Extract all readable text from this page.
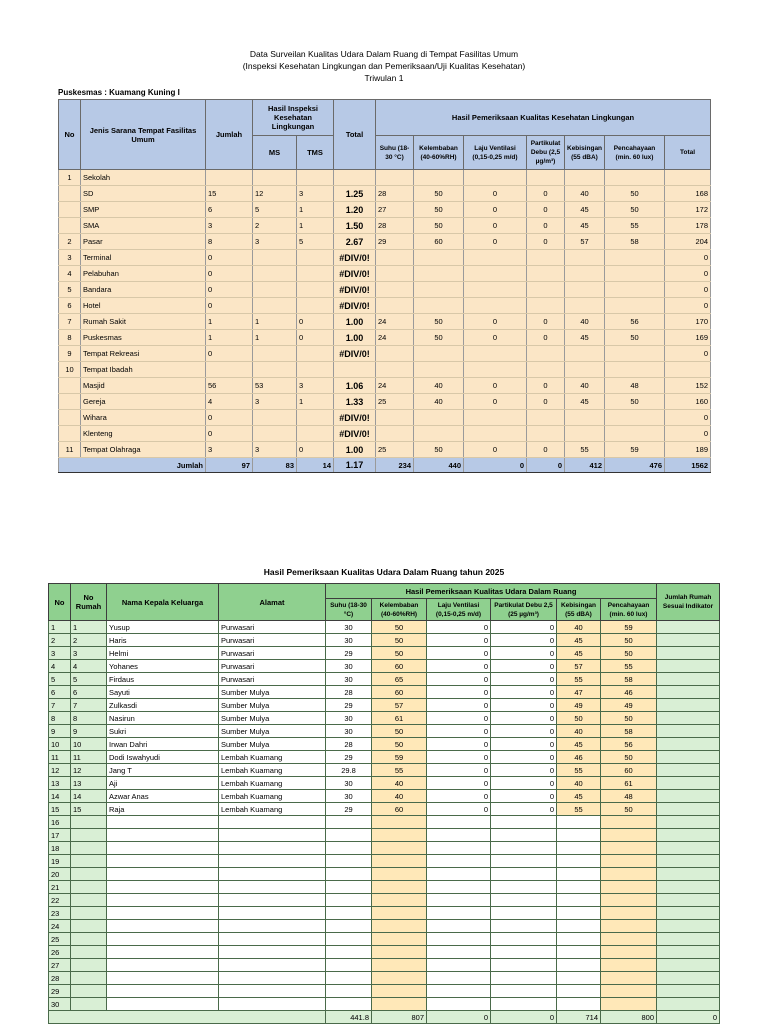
Data Surveilan Kualitas Udara Dalam Ruang di Tempat Fasilitas Umum
(Inspeksi Kesehatan Lingkungan dan Pemeriksaan/Uji Kualitas Kesehatan)
Triwulan 1
Puskesmas : Kuamang Kuning I
No	Jenis Sarana Tempat Fasilitas Umum	Jumlah	Hasil Inspeksi Kesehatan Lingkungan		Total	Hasil Pemeriksaan Kualitas Kesehatan Lingkungan						
			MS	TMS		Suhu (18-30 °C)	Kelembaban (40-60%RH)	Laju Ventilasi (0,15-0,25 m/d)	Partikulat Debu (2,5 µg/m³)	Kebisingan (55 dBA)	Pencahayaan (min. 60 lux)	Total
1	Sekolah											
	SD	15	12	3	1.25	28	50	0	0	40	50	168
	SMP	6	5	1	1.20	27	50	0	0	45	50	172
	SMA	3	2	1	1.50	28	50	0	0	45	55	178
2	Pasar	8	3	5	2.67	29	60	0	0	57	58	204
3	Terminal	0			#DIV/0!							0
4	Pelabuhan	0			#DIV/0!							0
5	Bandara	0			#DIV/0!							0
6	Hotel	0			#DIV/0!							0
7	Rumah Sakit	1	1	0	1.00	24	50	0	0	40	56	170
8	Puskesmas	1	1	0	1.00	24	50	0	0	45	50	169
9	Tempat Rekreasi	0			#DIV/0!							0
10	Tempat Ibadah											
	Masjid	56	53	3	1.06	24	40	0	0	40	48	152
	Gereja	4	3	1	1.33	25	40	0	0	45	50	160
	Wihara	0			#DIV/0!							0
	Klenteng	0			#DIV/0!							0
11	Tempat Olahraga	3	3	0	1.00	25	50	0	0	55	59	189
Jumlah		97	83	14	1.17	234	440	0	0	412	476	1562
Hasil Pemeriksaan Kualitas Udara Dalam Ruang tahun 2025
No	No Rumah	Nama Kepala Keluarga	Alamat	Hasil Pemeriksaan Kualitas Udara Dalam Ruang						Jumlah Rumah Sesuai Indikator
				Suhu (18-30 °C)	Kelembaban (40-60%RH)	Laju Ventilasi (0,15-0,25 m/d)	Partikulat Debu 2,5 (25 µg/m³)	Kebisingan (55 dBA)	Pencahayaan (min. 60 lux)	
1	1	Yusup	Purwasari	30	50	0	0	40	59	
2	2	Haris	Purwasari	30	50	0	0	45	50	
3	3	Helmi	Purwasari	29	50	0	0	45	50	
4	4	Yohanes	Purwasari	30	60	0	0	57	55	
5	5	Firdaus	Purwasari	30	65	0	0	55	58	
6	6	Sayuti	Sumber Mulya	28	60	0	0	47	46	
7	7	Zulkasdi	Sumber Mulya	29	57	0	0	49	49	
8	8	Nasirun	Sumber Mulya	30	61	0	0	50	50	
9	9	Sukri	Sumber Mulya	30	50	0	0	40	58	
10	10	Irwan Dahri	Sumber Mulya	28	50	0	0	45	56	
11	11	Dodi Iswahyudi	Lembah Kuamang	29	59	0	0	46	50	
12	12	Jang T	Lembah Kuamang	29.8	55	0	0	55	60	
13	13	Aji	Lembah Kuamang	30	40	0	0	40	61	
14	14	Azwar Anas	Lembah Kuamang	30	40	0	0	45	48	
15	15	Raja	Lembah Kuamang	29	60	0	0	55	50	
16										
17										
18										
19										
20										
21										
22										
23										
24										
25										
26										
27										
28										
29										
30										
				441.8	807	0	0	714	800	0
